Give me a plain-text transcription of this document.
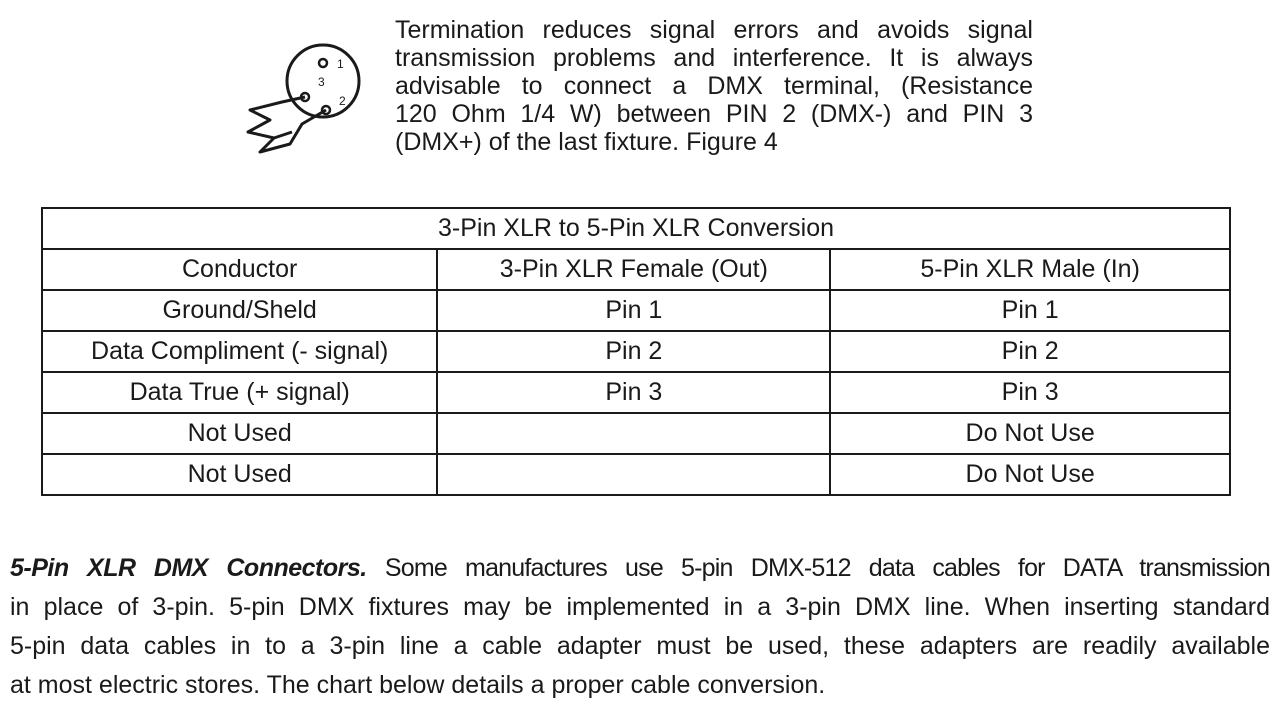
1
3
2

Termination reduces signal errors and avoids signal
transmission problems and interference. It is always
advisable to connect a DMX terminal, (Resistance
120 Ohm 1/4 W) between PIN 2 (DMX-) and PIN 3
(DMX+) of the last fixture. Figure 4

3-Pin XLR to 5-Pin XLR Conversion		
Conductor	3-Pin XLR Female (Out)	5-Pin XLR Male (In)
Ground/Sheld	Pin 1	Pin 1
Data Compliment (- signal)	Pin 2	Pin 2
Data True (+ signal)	Pin 3	Pin 3
Not Used		Do Not Use
Not Used		Do Not Use

5-Pin XLR DMX Connectors. Some manufactures use 5-pin DMX-512 data cables for DATA transmission
in place of 3-pin. 5-pin DMX fixtures may be implemented in a 3-pin DMX line. When inserting standard
5-pin data cables in to a 3-pin line a cable adapter must be used, these adapters are readily available
at most electric stores. The chart below details a proper cable conversion.
